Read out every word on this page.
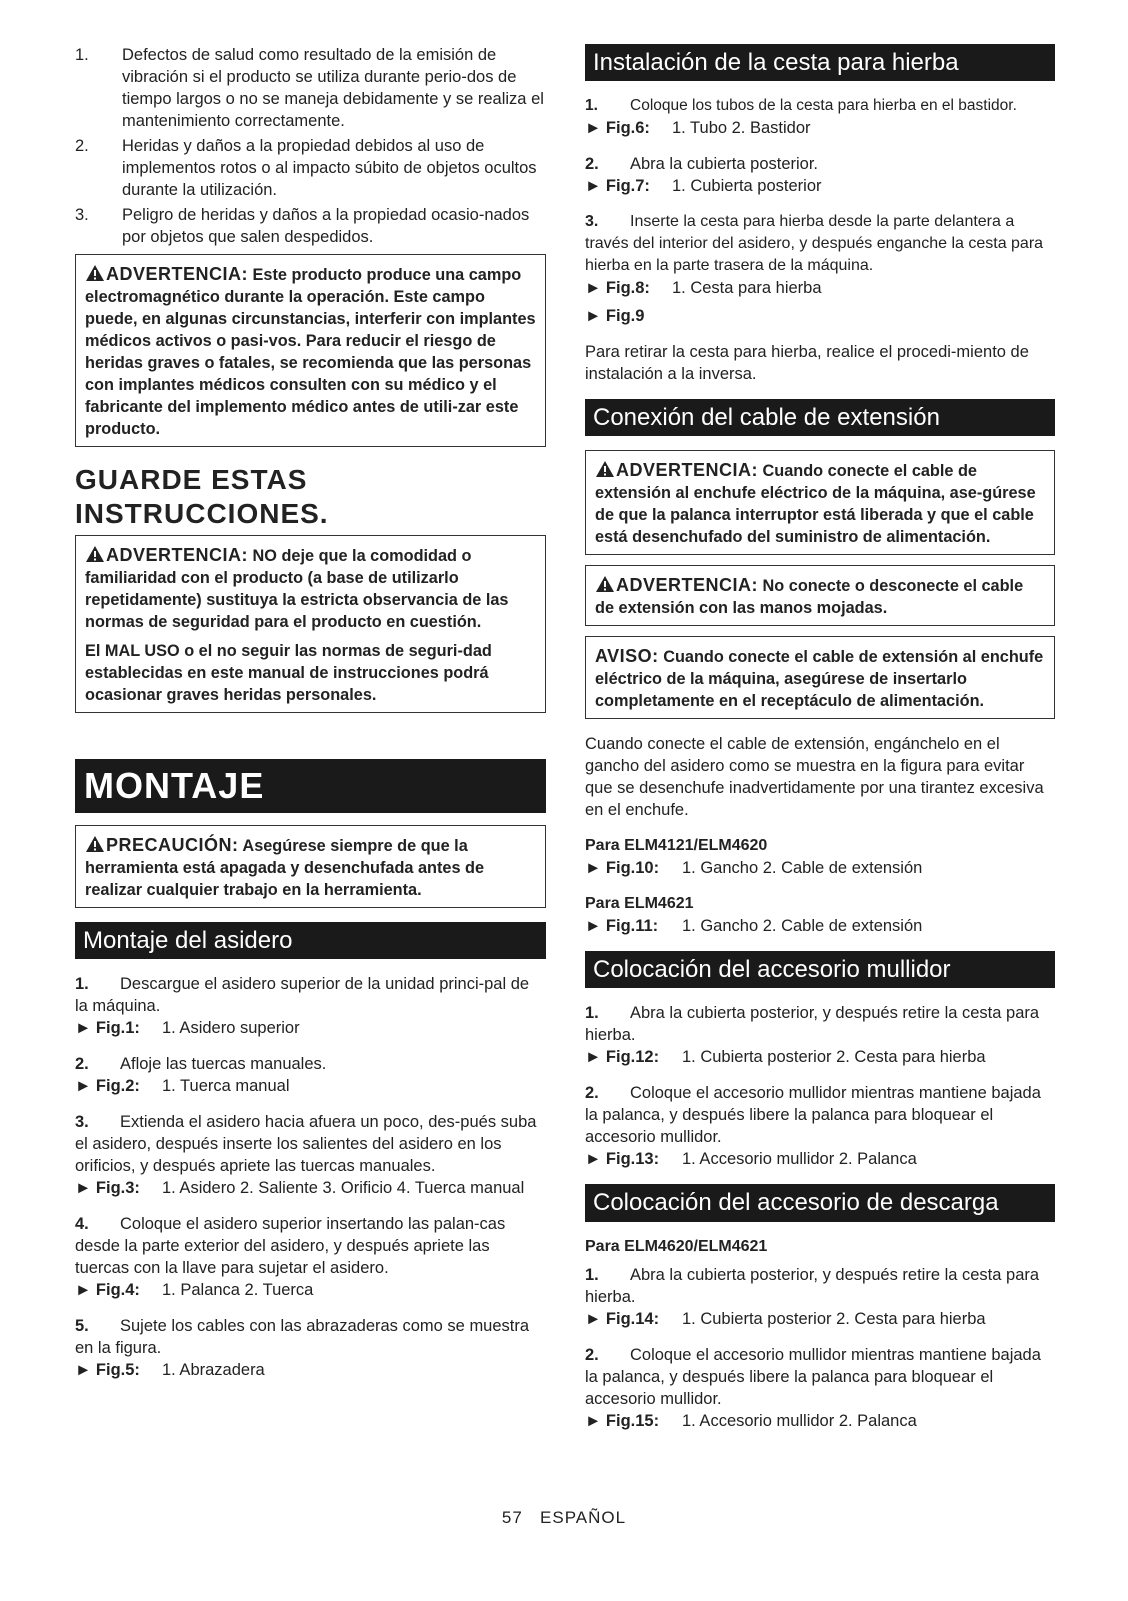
1.	Defectos de salud como resultado de la emisión de vibración si el producto se utiliza durante perio-dos de tiempo largos o no se maneja debidamente y se realiza el mantenimiento correctamente.
2.	Heridas y daños a la propiedad debidos al uso de implementos rotos o al impacto súbito de objetos ocultos durante la utilización.
3.	Peligro de heridas y daños a la propiedad ocasio-nados por objetos que salen despedidos.

ADVERTENCIA: Este producto produce una campo electromagnético durante la operación. Este campo puede, en algunas circunstancias, interferir con implantes médicos activos o pasi-vos. Para reducir el riesgo de heridas graves o fatales, se recomienda que las personas con implantes médicos consulten con su médico y el fabricante del implemento médico antes de utili-zar este producto.

GUARDE ESTAS
INSTRUCCIONES.

ADVERTENCIA: NO deje que la comodidad o familiaridad con el producto (a base de utilizarlo repetidamente) sustituya la estricta observancia de las normas de seguridad para el producto en cuestión.

El MAL USO o el no seguir las normas de seguri-dad establecidas en este manual de instrucciones podrá ocasionar graves heridas personales.

MONTAJE

PRECAUCIÓN: Asegúrese siempre de que la herramienta está apagada y desenchufada antes de realizar cualquier trabajo en la herramienta.

Montaje del asidero
1. Descargue el asidero superior de la unidad princi-pal de la máquina.
► Fig.1:	1. Asidero superior
2. Afloje las tuercas manuales.
► Fig.2:	1. Tuerca manual
3. Extienda el asidero hacia afuera un poco, des-pués suba el asidero, después inserte los salientes del asidero en los orificios, y después apriete las tuercas manuales.
► Fig.3:	1. Asidero 2. Saliente 3. Orificio 4. Tuerca manual
4. Coloque el asidero superior insertando las palan-cas desde la parte exterior del asidero, y después apriete las tuercas con la llave para sujetar el asidero.
► Fig.4:	1. Palanca 2. Tuerca
5. Sujete los cables con las abrazaderas como se muestra en la figura.
► Fig.5:	1. Abrazadera
Instalación de la cesta para hierba
1. Coloque los tubos de la cesta para hierba en el bastidor.
► Fig.6:	1. Tubo 2. Bastidor
2. Abra la cubierta posterior.
► Fig.7:	1. Cubierta posterior
3. Inserte la cesta para hierba desde la parte delantera a través del interior del asidero, y después enganche la cesta para hierba en la parte trasera de la máquina.
► Fig.8:	1. Cesta para hierba
► Fig.9

Para retirar la cesta para hierba, realice el procedi-miento de instalación a la inversa.

Conexión del cable de extensión

ADVERTENCIA: Cuando conecte el cable de extensión al enchufe eléctrico de la máquina, ase-gúrese de que la palanca interruptor está liberada y que el cable está desenchufado del suministro de alimentación.

ADVERTENCIA: No conecte o desconecte el cable de extensión con las manos mojadas.

AVISO: Cuando conecte el cable de extensión al enchufe eléctrico de la máquina, asegúrese de insertarlo completamente en el receptáculo de alimentación.

Cuando conecte el cable de extensión, engánchelo en el gancho del asidero como se muestra en la figura para evitar que se desenchufe inadvertidamente por una tirantez excesiva en el enchufe.

Para ELM4121/ELM4620
► Fig.10:	1. Gancho 2. Cable de extensión
Para ELM4621
► Fig.11:	1. Gancho 2. Cable de extensión
Colocación del accesorio mullidor
1. Abra la cubierta posterior, y después retire la cesta para hierba.
► Fig.12:	1. Cubierta posterior 2. Cesta para hierba
2. Coloque el accesorio mullidor mientras mantiene bajada la palanca, y después libere la palanca para bloquear el accesorio mullidor.
► Fig.13:	1. Accesorio mullidor 2. Palanca
Colocación del accesorio de descarga
Para ELM4620/ELM4621
1. Abra la cubierta posterior, y después retire la cesta para hierba.
► Fig.14:	1. Cubierta posterior 2. Cesta para hierba
2. Coloque el accesorio mullidor mientras mantiene bajada la palanca, y después libere la palanca para bloquear el accesorio mullidor.
► Fig.15:	1. Accesorio mullidor 2. Palanca
57 ESPAÑOL
